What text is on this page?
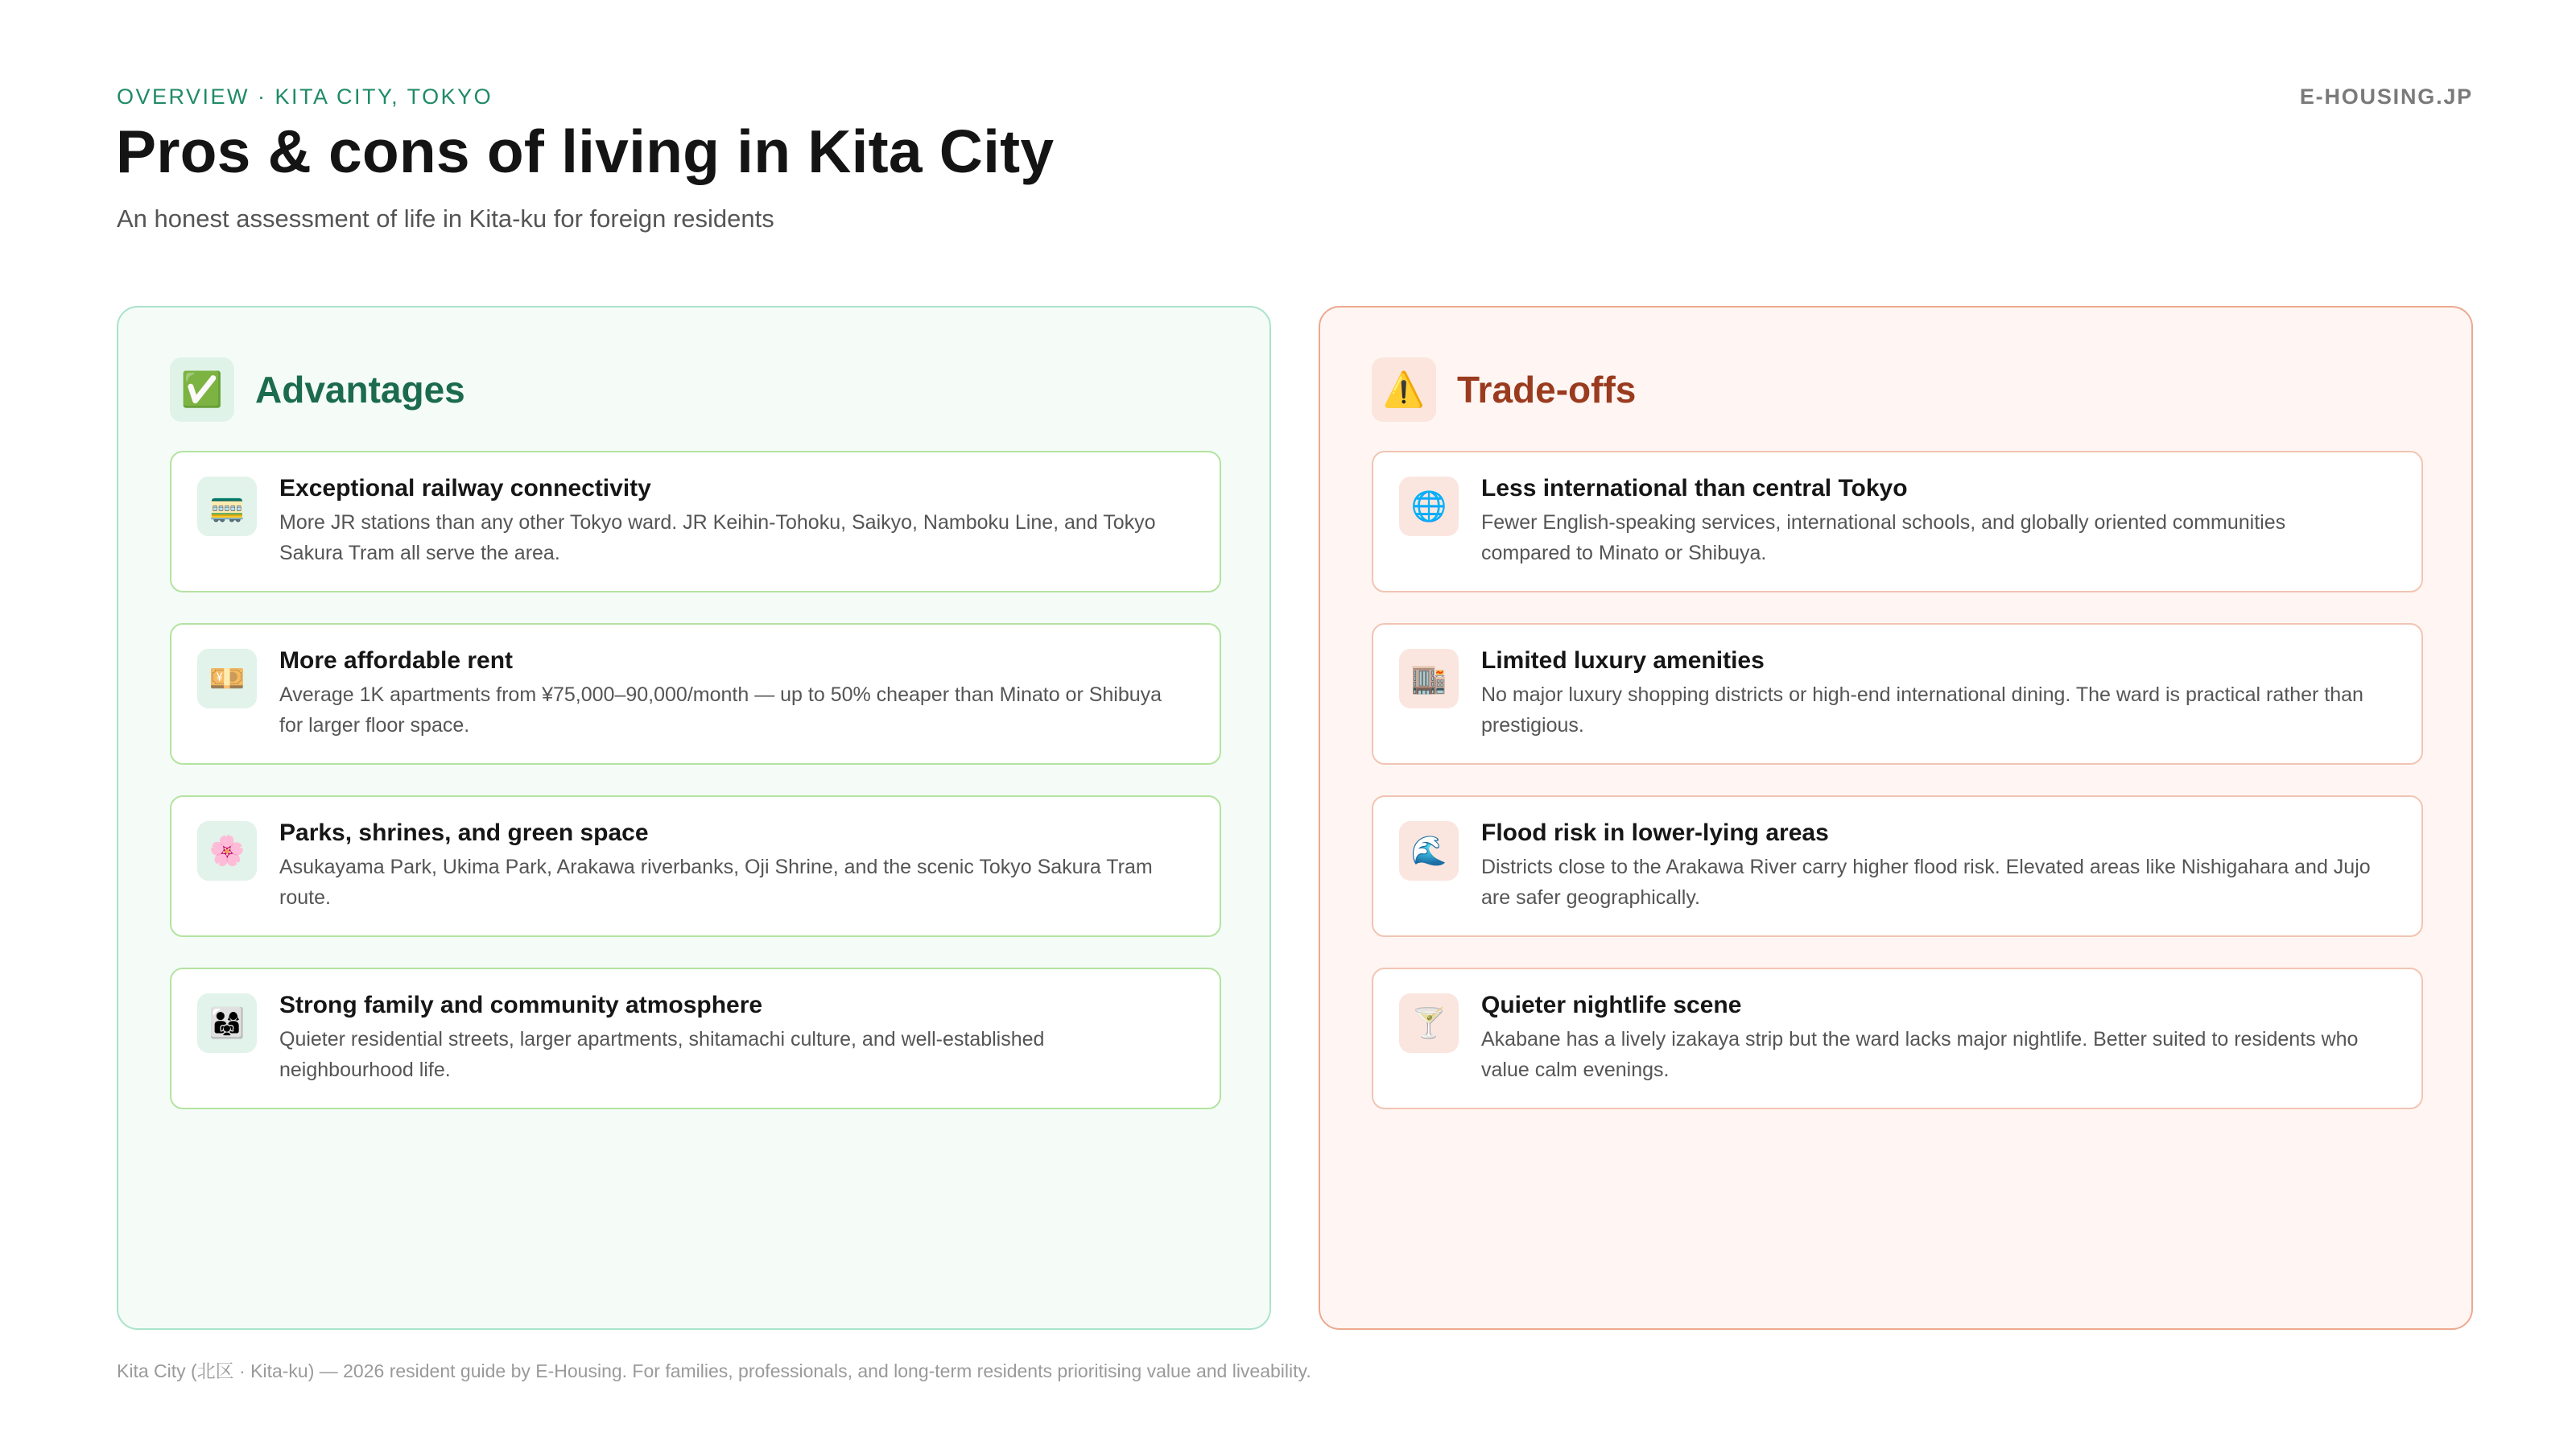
OVERVIEW · KITA CITY, TOKYO	E-HOUSING.JP
Pros & cons of living in Kita City
An honest assessment of life in Kita-ku for foreign residents
✅ Advantages
🚃
Exceptional railway connectivity
More JR stations than any other Tokyo ward. JR Keihin-Tohoku, Saikyo, Namboku Line, and Tokyo Sakura Tram all serve the area.
💴
More affordable rent
Average 1K apartments from ¥75,000–90,000/month — up to 50% cheaper than Minato or Shibuya for larger floor space.
🌸
Parks, shrines, and green space
Asukayama Park, Ukima Park, Arakawa riverbanks, Oji Shrine, and the scenic Tokyo Sakura Tram route.
👨‍👩‍👧
Strong family and community atmosphere
Quieter residential streets, larger apartments, shitamachi culture, and well-established neighbourhood life.
⚠️ Trade-offs
🌐
Less international than central Tokyo
Fewer English-speaking services, international schools, and globally oriented communities compared to Minato or Shibuya.
🏬
Limited luxury amenities
No major luxury shopping districts or high-end international dining. The ward is practical rather than prestigious.
🌊
Flood risk in lower-lying areas
Districts close to the Arakawa River carry higher flood risk. Elevated areas like Nishigahara and Jujo are safer geographically.
🍸
Quieter nightlife scene
Akabane has a lively izakaya strip but the ward lacks major nightlife. Better suited to residents who value calm evenings.
Kita City (北区 · Kita-ku) — 2026 resident guide by E-Housing. For families, professionals, and long-term residents prioritising value and liveability.
